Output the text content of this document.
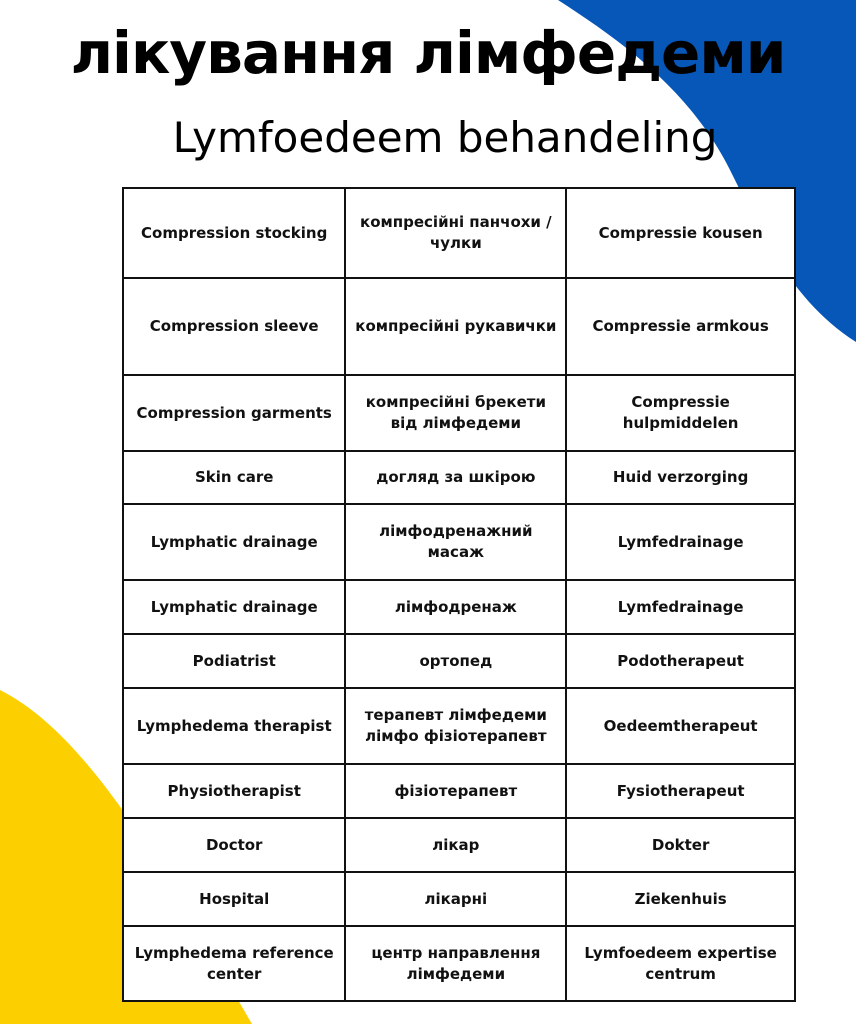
лікування лімфедеми
Lymfoedeem behandeling
Compression stocking	компресійні панчохи / чулки	Compressie kousen
Compression sleeve	компресійні рукавички	Compressie armkous
Compression garments	компресійні брекети від лімфедеми	Compressie hulpmiddelen
Skin care	догляд за шкірою	Huid verzorging
Lymphatic drainage	лімфодренажний масаж	Lymfedrainage
Lymphatic drainage	лімфодренаж	Lymfedrainage
Podiatrist	ортопед	Podotherapeut
Lymphedema therapist	терапевт лімфедеми лімфо фізіотерапевт	Oedeemtherapeut
Physiotherapist	фізіотерапевт	Fysiotherapeut
Doctor	лікар	Dokter
Hospital	лікарні	Ziekenhuis
Lymphedema reference center	центр направлення лімфедеми	Lymfoedeem expertise centrum
